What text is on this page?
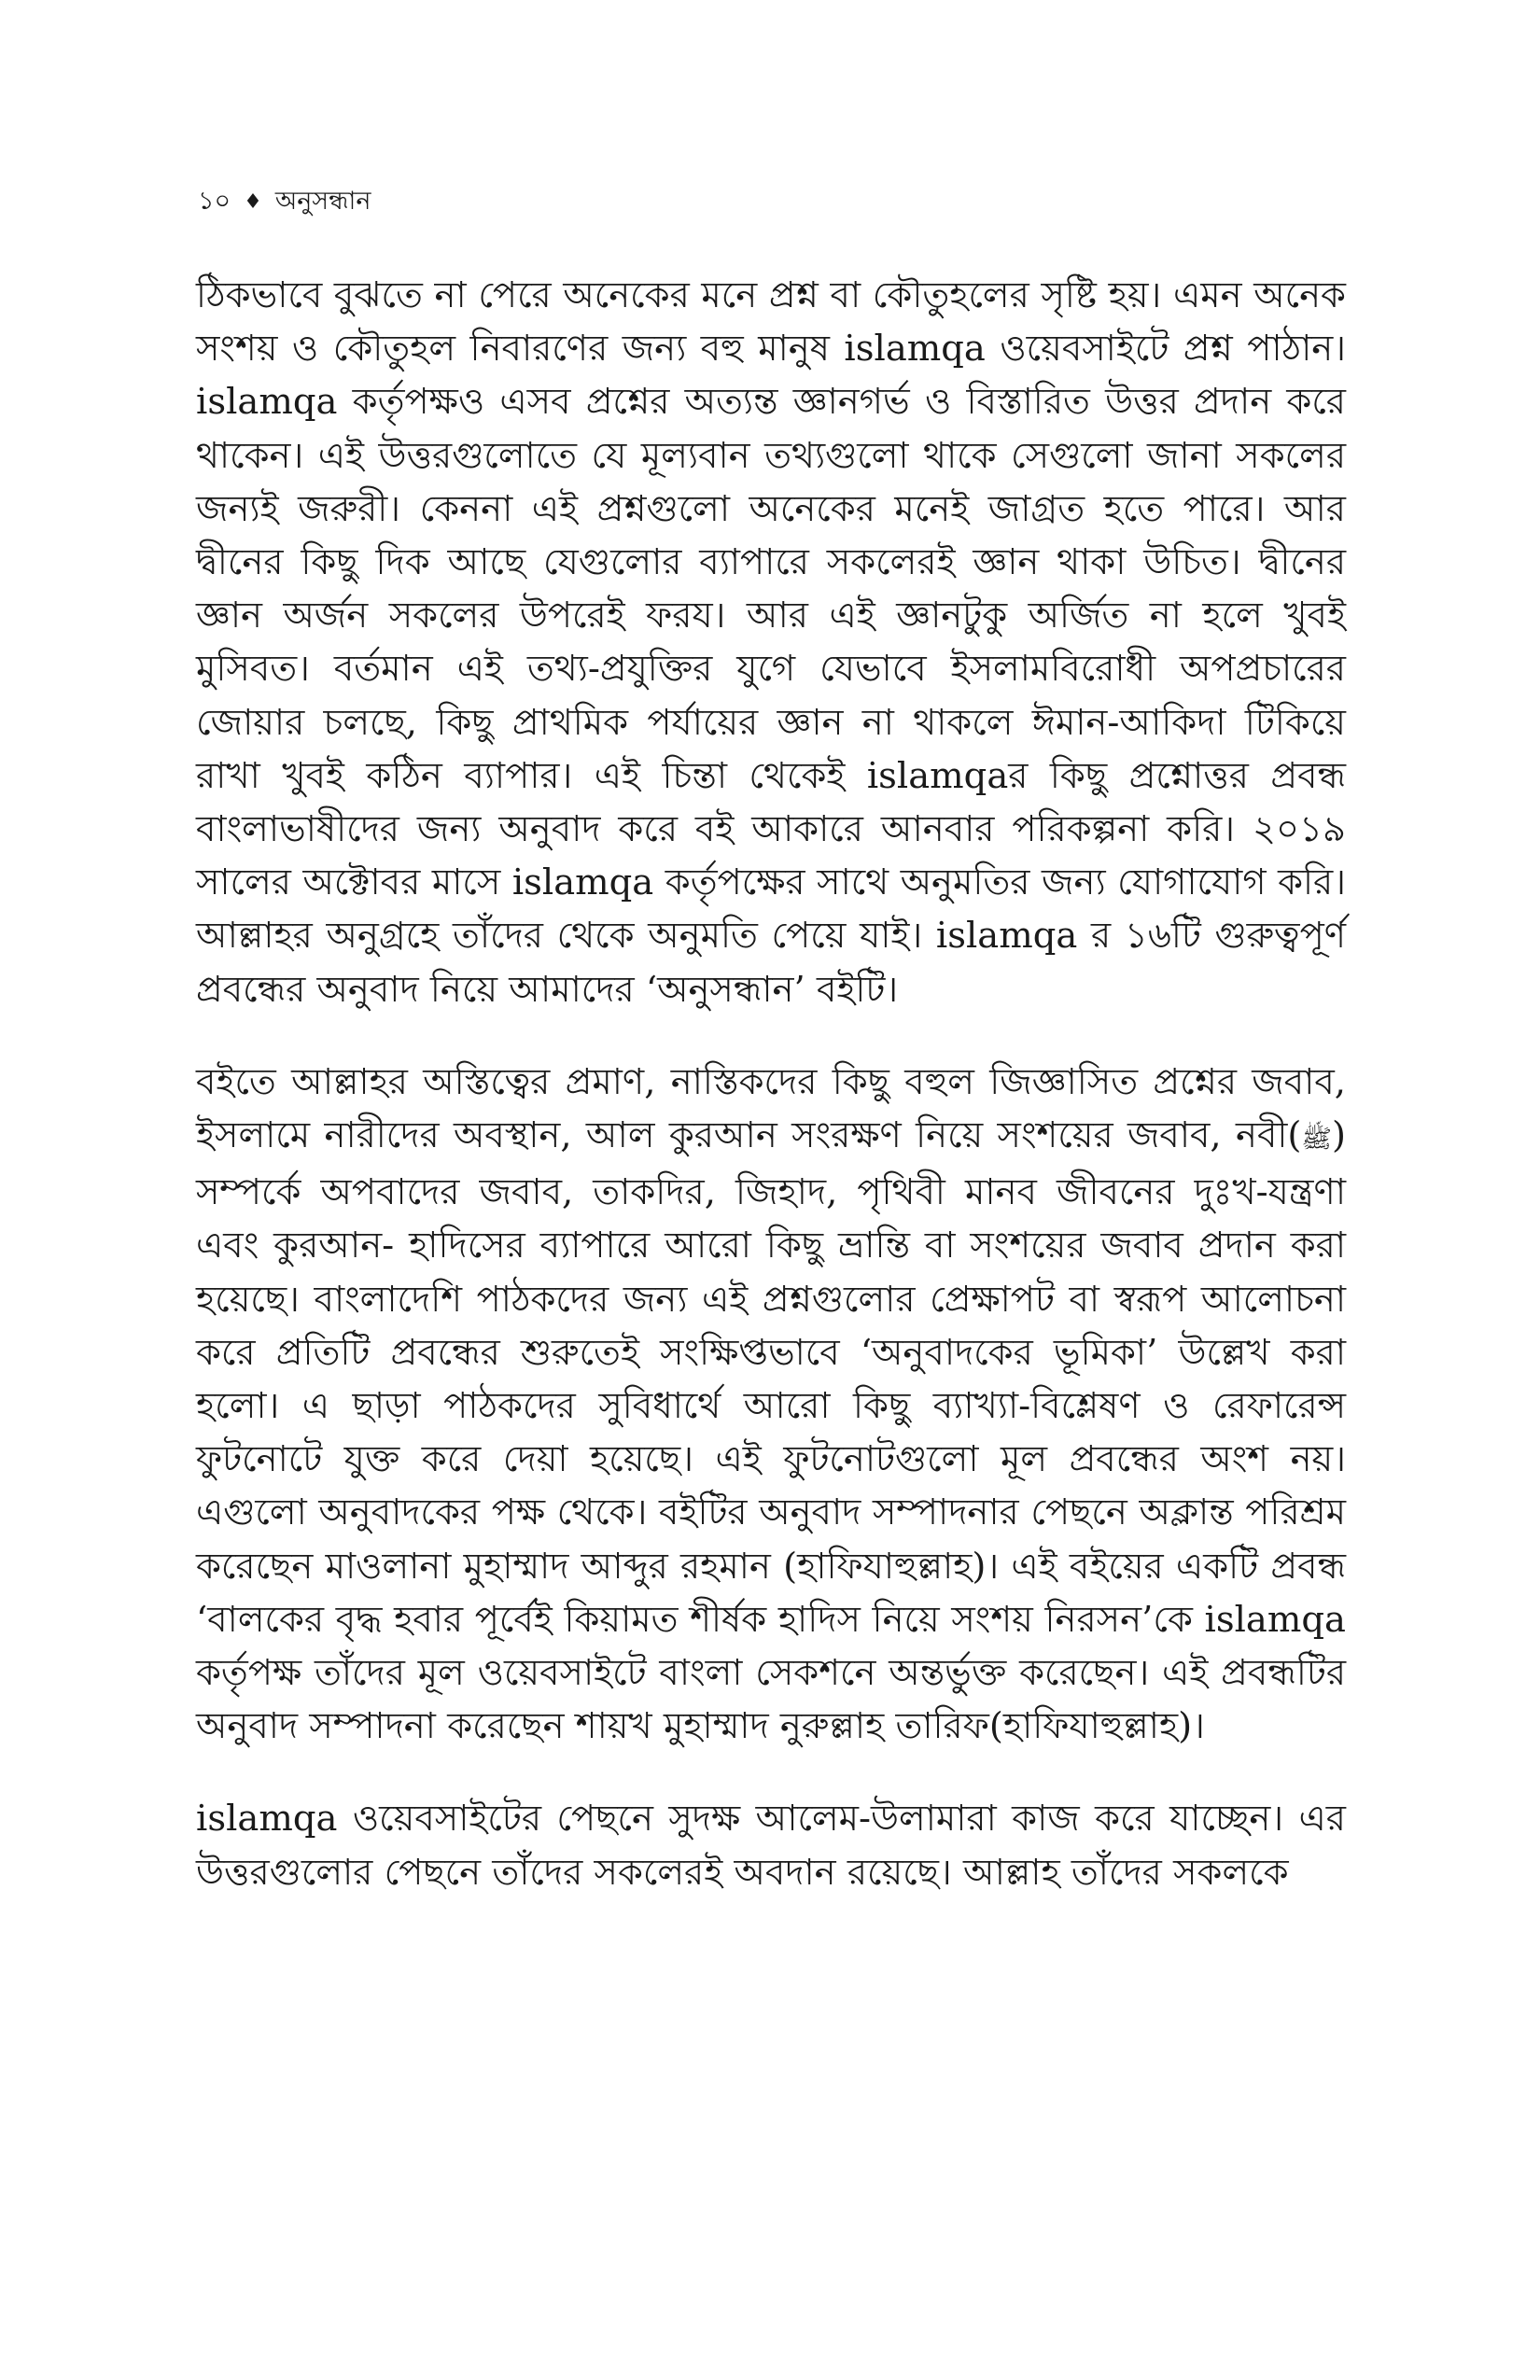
১০ ♦ অনুসন্ধান

ঠিকভাবে বুঝতে না পেরে অনেকের মনে প্রশ্ন বা কৌতুহলের সৃষ্টি হয়। এমন অনেক সংশয় ও কৌতুহল নিবারণের জন্য বহু মানুষ islamqa ওয়েবসাইটে প্রশ্ন পাঠান। islamqa কর্তৃপক্ষও এসব প্রশ্নের অত্যন্ত জ্ঞানগর্ভ ও বিস্তারিত উত্তর প্রদান করে থাকেন। এই উত্তরগুলোতে যে মূল্যবান তথ্যগুলো থাকে সেগুলো জানা সকলের জন্যই জরুরী। কেননা এই প্রশ্নগুলো অনেকের মনেই জাগ্রত হতে পারে। আর দ্বীনের কিছু দিক আছে যেগুলোর ব্যাপারে সকলেরই জ্ঞান থাকা উচিত। দ্বীনের জ্ঞান অর্জন সকলের উপরেই ফরয। আর এই জ্ঞানটুকু অর্জিত না হলে খুবই মুসিবত। বর্তমান এই তথ্য-প্রযুক্তির যুগে যেভাবে ইসলামবিরোধী অপপ্রচারের জোয়ার চলছে, কিছু প্রাথমিক পর্যায়ের জ্ঞান না থাকলে ঈমান-আকিদা টিকিয়ে রাখা খুবই কঠিন ব্যাপার। এই চিন্তা থেকেই islamqaর কিছু প্রশ্নোত্তর প্রবন্ধ বাংলাভাষীদের জন্য অনুবাদ করে বই আকারে আনবার পরিকল্পনা করি। ২০১৯ সালের অক্টোবর মাসে islamqa কর্তৃপক্ষের সাথে অনুমতির জন্য যোগাযোগ করি। আল্লাহর অনুগ্রহে তাঁদের থেকে অনুমতি পেয়ে যাই। islamqa র ১৬টি গুরুত্বপূর্ণ প্রবন্ধের অনুবাদ নিয়ে আমাদের ‘অনুসন্ধান’ বইটি।

বইতে আল্লাহর অস্তিত্বের প্রমাণ, নাস্তিকদের কিছু বহুল জিজ্ঞাসিত প্রশ্নের জবাব, ইসলামে নারীদের অবস্থান, আল কুরআন সংরক্ষণ নিয়ে সংশয়ের জবাব, নবী(ﷺ) সম্পর্কে অপবাদের জবাব, তাকদির, জিহাদ, পৃথিবী মানব জীবনের দুঃখ-যন্ত্রণা এবং কুরআন- হাদিসের ব্যাপারে আরো কিছু ভ্রান্তি বা সংশয়ের জবাব প্রদান করা হয়েছে। বাংলাদেশি পাঠকদের জন্য এই প্রশ্নগুলোর প্রেক্ষাপট বা স্বরূপ আলোচনা করে প্রতিটি প্রবন্ধের শুরুতেই সংক্ষিপ্তভাবে ‘অনুবাদকের ভূমিকা’ উল্লেখ করা হলো। এ ছাড়া পাঠকদের সুবিধার্থে আরো কিছু ব্যাখ্যা-বিশ্লেষণ ও রেফারেন্স ফুটনোটে যুক্ত করে দেয়া হয়েছে। এই ফুটনোটগুলো মূল প্রবন্ধের অংশ নয়। এগুলো অনুবাদকের পক্ষ থেকে। বইটির অনুবাদ সম্পাদনার পেছনে অক্লান্ত পরিশ্রম করেছেন মাওলানা মুহাম্মাদ আব্দুর রহমান (হাফিযাহুল্লাহ)। এই বইয়ের একটি প্রবন্ধ ‘বালকের বৃদ্ধ হবার পূর্বেই কিয়ামত শীর্ষক হাদিস নিয়ে সংশয় নিরসন’কে islamqa কর্তৃপক্ষ তাঁদের মূল ওয়েবসাইটে বাংলা সেকশনে অন্তর্ভুক্ত করেছেন। এই প্রবন্ধটির অনুবাদ সম্পাদনা করেছেন শায়খ মুহাম্মাদ নুরুল্লাহ তারিফ(হাফিযাহুল্লাহ)।

islamqa ওয়েবসাইটের পেছনে সুদক্ষ আলেম-উলামারা কাজ করে যাচ্ছেন। এর উত্তরগুলোর পেছনে তাঁদের সকলেরই অবদান রয়েছে। আল্লাহ তাঁদের সকলকে
